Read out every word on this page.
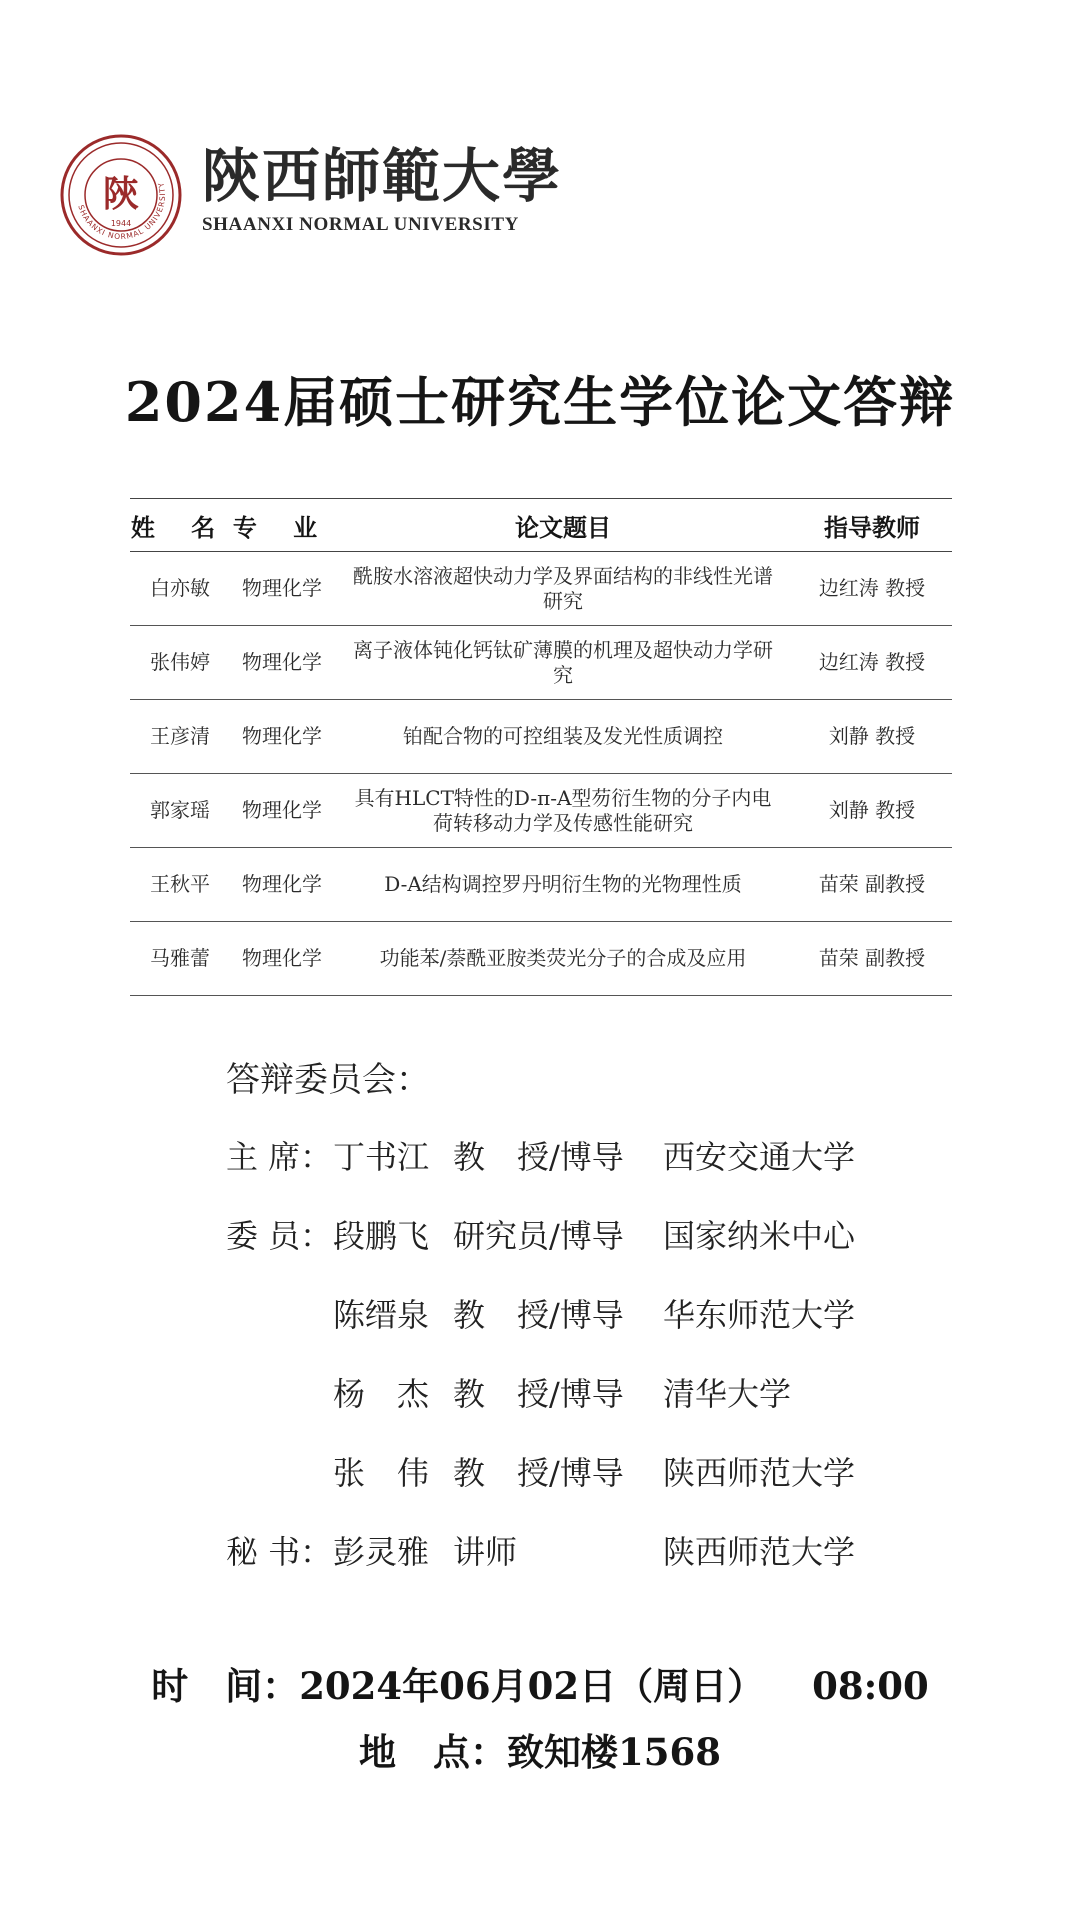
SHAANXI NORMAL UNIVERSITY
陝
1944
陝西師範大學
SHAANXI NORMAL UNIVERSITY
2024届硕士研究生学位论文答辩
姓 名	专 业	论文题目	指导教师
白亦敏	物理化学	酰胺水溶液超快动力学及界面结构的非线性光谱研究	边红涛 教授
张伟婷	物理化学	离子液体钝化钙钛矿薄膜的机理及超快动力学研究	边红涛 教授
王彦清	物理化学	铂配合物的可控组装及发光性质调控	刘静 教授
郭家瑶	物理化学	具有HLCT特性的D-π-A型芴衍生物的分子内电荷转移动力学及传感性能研究	刘静 教授
王秋平	物理化学	D-A结构调控罗丹明衍生物的光物理性质	苗荣 副教授
马雅蕾	物理化学	功能苯/萘酰亚胺类荧光分子的合成及应用	苗荣 副教授
答辩委员会：
主 席： 丁书江 教　授/博导 西安交通大学
委 员： 段鹏飞 研究员/博导 国家纳米中心
陈缙泉 教　授/博导 华东师范大学
杨　杰 教　授/博导 清华大学
张　伟 教　授/博导 陕西师范大学
秘 书： 彭灵雅 讲师	陕西师范大学
时　间：2024年06月02日（周日） 08:00
地　点：致知楼1568
